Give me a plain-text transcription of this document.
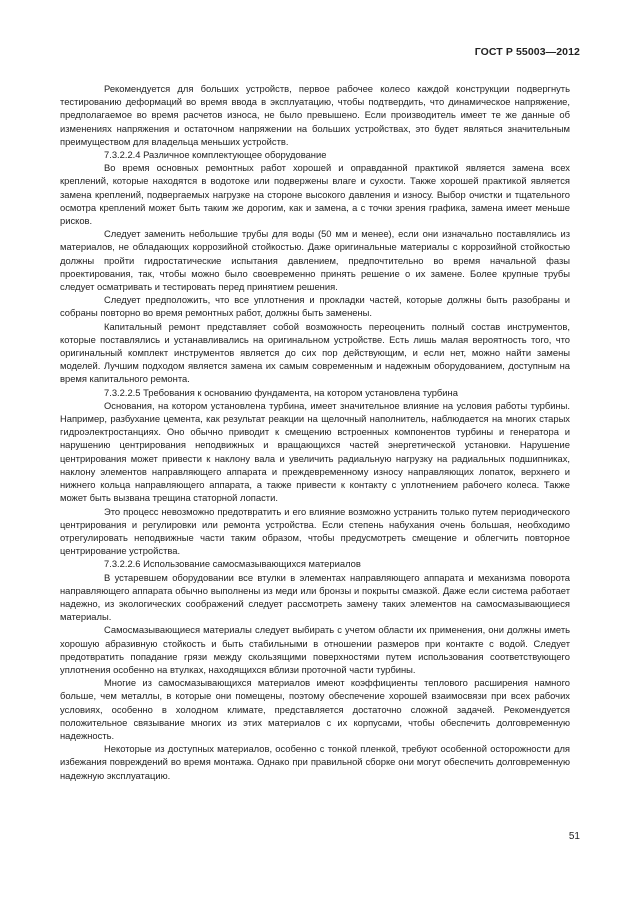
ГОСТ Р 55003—2012

Рекомендуется для больших устройств, первое рабочее колесо каждой конструкции подвергнуть тестированию деформаций во время ввода в эксплуатацию, чтобы подтвердить, что динамическое напряжение, предполагаемое во время расчетов износа, не было превышено. Если производитель имеет те же данные об изменениях напряжения и остаточном напряжении на больших устройствах, это будет являться значительным преимуществом для владельца меньших устройств.

7.3.2.2.4 Различное комплектующее оборудование

Во время основных ремонтных работ хорошей и оправданной практикой является замена всех креплений, которые находятся в водотоке или подвержены влаге и сухости. Также хорошей практикой является замена креплений, подвергаемых нагрузке на стороне высокого давления и износу. Выбор очистки и тщательного осмотра креплений может быть таким же дорогим, как и замена, а с точки зрения графика, замена имеет меньше рисков.

Следует заменить небольшие трубы для воды (50 мм и менее), если они изначально поставлялись из материалов, не обладающих коррозийной стойкостью. Даже оригинальные материалы с коррозийной стойкостью должны пройти гидростатические испытания давлением, предпочтительно во время начальной фазы проектирования, так, чтобы можно было своевременно принять решение о их замене. Более крупные трубы следует осматривать и тестировать перед принятием решения.

Следует предположить, что все уплотнения и прокладки частей, которые должны быть разобраны и собраны повторно во время ремонтных работ, должны быть заменены.

Капитальный ремонт представляет собой возможность переоценить полный состав инструментов, которые поставлялись и устанавливались на оригинальном устройстве. Есть лишь малая вероятность того, что оригинальный комплект инструментов является до сих пор действующим, и если нет, можно найти замены моделей. Лучшим подходом является замена их самым современным и надежным оборудованием, доступным на время капитального ремонта.

7.3.2.2.5 Требования к основанию фундамента, на котором установлена турбина

Основания, на котором установлена турбина, имеет значительное влияние на условия работы турбины. Например, разбухание цемента, как результат реакции на щелочный наполнитель, наблюдается на многих старых гидроэлектростанциях. Оно обычно приводит к смещению встроенных компонентов турбины и генератора и нарушению центрирования неподвижных и вращающихся частей энергетической установки. Нарушение центрирования может привести к наклону вала и увеличить радиальную нагрузку на радиальных подшипниках, наклону элементов направляющего аппарата и преждевременному износу направляющих лопаток, верхнего и нижнего кольца направляющего аппарата, а также привести к контакту с уплотнением рабочего колеса. Также может быть вызвана трещина статорной лопасти.

Это процесс невозможно предотвратить и его влияние возможно устранить только путем периодического центрирования и регулировки или ремонта устройства. Если степень набухания очень большая, необходимо отрегулировать неподвижные части таким образом, чтобы предусмотреть смещение и облегчить повторное центрирование устройства.

7.3.2.2.6 Использование самосмазывающихся материалов

В устаревшем оборудовании все втулки в элементах направляющего аппарата и механизма поворота направляющего аппарата обычно выполнены из меди или бронзы и покрыты смазкой. Даже если система работает надежно, из экологических соображений следует рассмотреть замену таких элементов на самосмазывающиеся материалы.

Самосмазывающиеся материалы следует выбирать с учетом области их применения, они должны иметь хорошую абразивную стойкость и быть стабильными в отношении размеров при контакте с водой. Следует предотвратить попадание грязи между скользящими поверхностями путем использования соответствующего уплотнения особенно на втулках, находящихся вблизи проточной части турбины.

Многие из самосмазывающихся материалов имеют коэффициенты теплового расширения намного больше, чем металлы, в которые они помещены, поэтому обеспечение хорошей взаимосвязи при всех рабочих условиях, особенно в холодном климате, представляется достаточно сложной задачей. Рекомендуется положительное связывание многих из этих материалов с их корпусами, чтобы обеспечить долговременную надежность.

Некоторые из доступных материалов, особенно с тонкой пленкой, требуют особенной осторожности для избежания повреждений во время монтажа. Однако при правильной сборке они могут обеспечить долговременную надежную эксплуатацию.

51
